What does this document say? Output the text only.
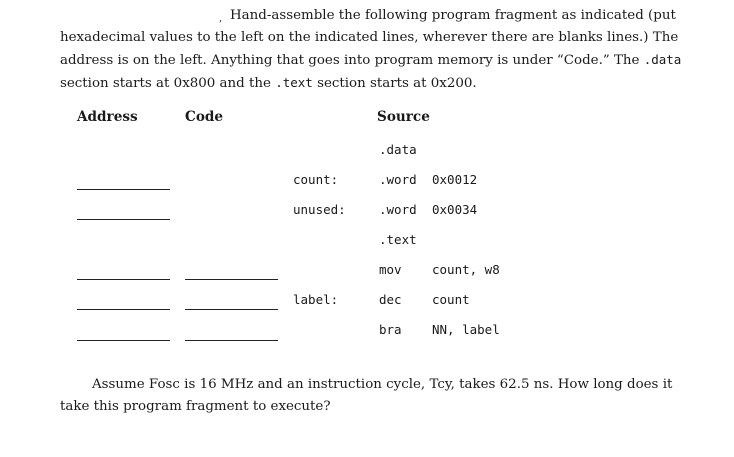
, Hand-assemble the following program fragment as indicated (put hexadecimal values to the left on the indicated lines, wherever there are blanks lines.) The address is on the left. Anything that goes into program memory is under “Code.” The .data section starts at 0x800 and the .text section starts at 0x200.
Address	Code	Source
.data
count:	.word 0x0012
unused:	.word 0x0034
.text
mov count, w8
label:	dec count
bra NN, label
Assume Fosc is 16 MHz and an instruction cycle, Tcy, takes 62.5 ns. How long does it take this program fragment to execute?
